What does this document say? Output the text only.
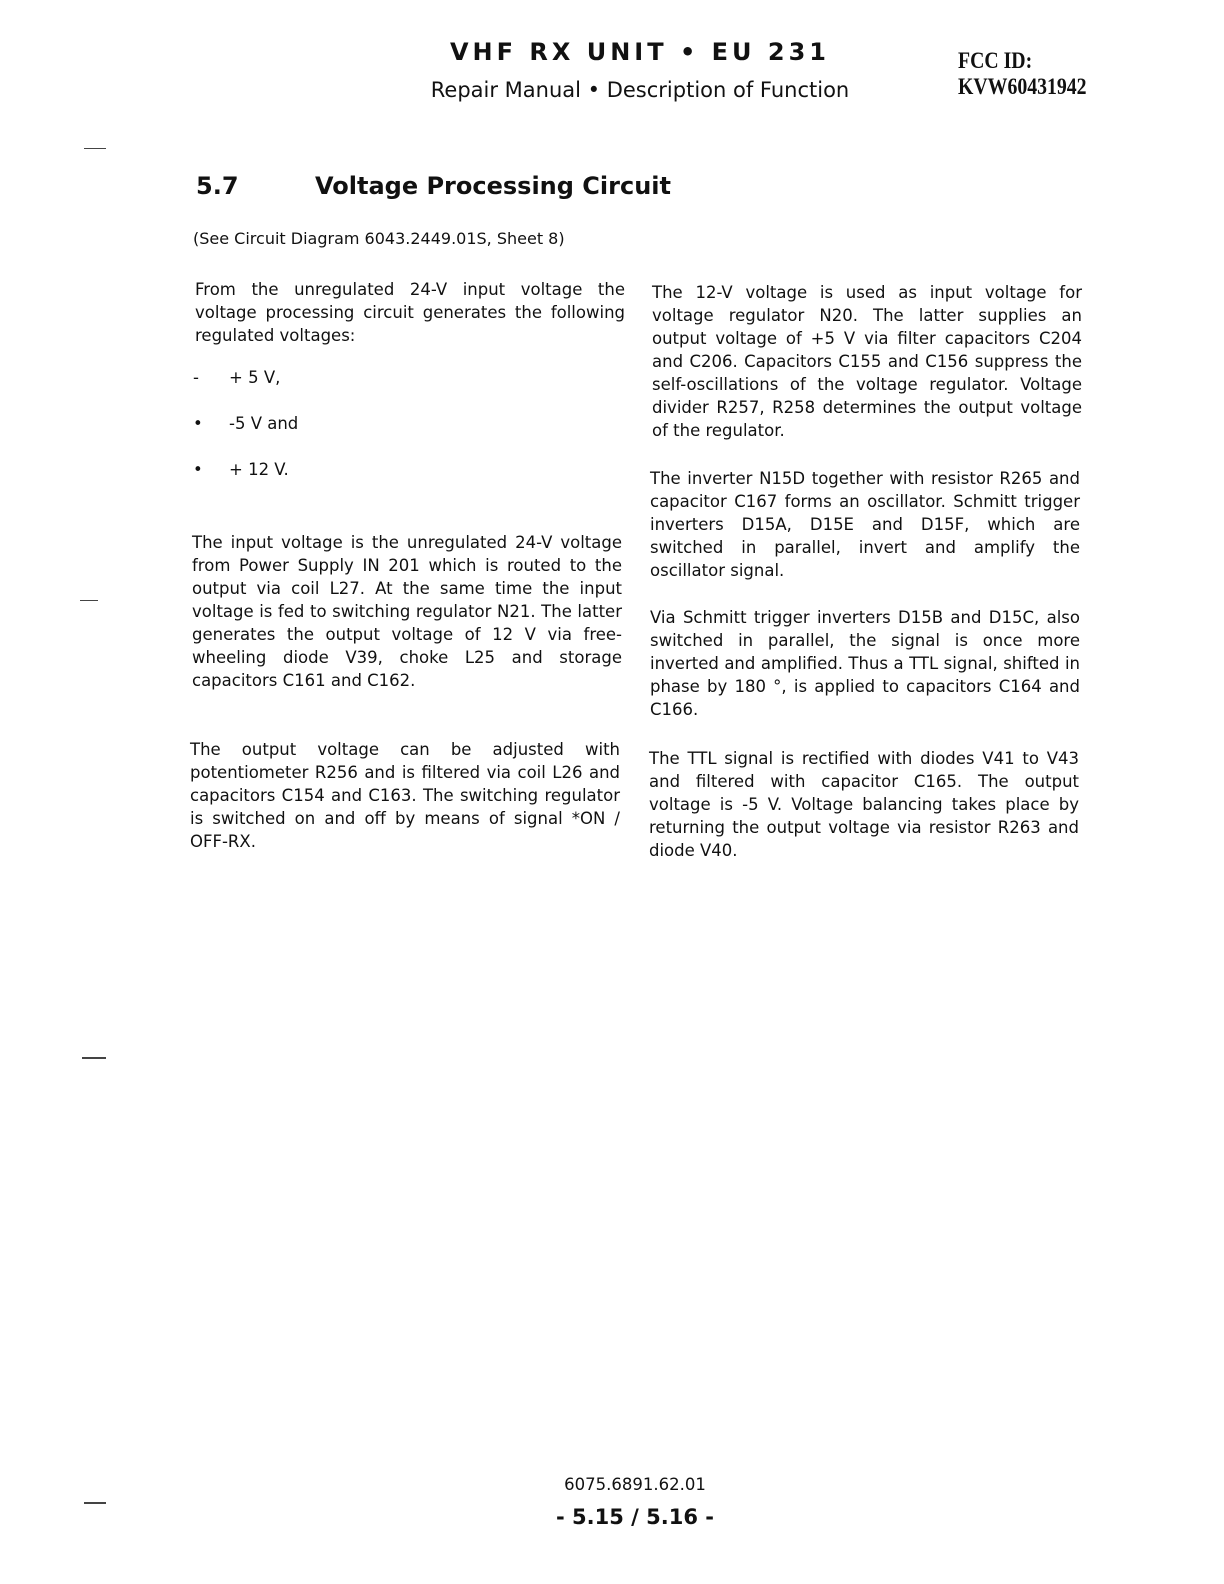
VHF RX UNIT • EU 231
Repair Manual • Description of Function
FCC ID: KVW60431942
5.7	Voltage Processing Circuit
(See Circuit Diagram 6043.2449.01S, Sheet 8)

From the unregulated 24-V input voltage the voltage processing circuit generates the following regulated voltages:

- + 5 V,
• -5 V and
• + 12 V.

The input voltage is the unregulated 24-V voltage from Power Supply IN 201 which is routed to the output via coil L27. At the same time the input voltage is fed to switching regulator N21. The latter generates the output voltage of 12 V via free-wheeling diode V39, choke L25 and storage capacitors C161 and C162.

The output voltage can be adjusted with potentiometer R256 and is filtered via coil L26 and capacitors C154 and C163. The switching regulator is switched on and off by means of signal *ON / OFF-RX.

The 12-V voltage is used as input voltage for voltage regulator N20. The latter supplies an output voltage of +5 V via filter capacitors C204 and C206. Capacitors C155 and C156 suppress the self-oscillations of the voltage regulator. Voltage divider R257, R258 determines the output voltage of the regulator.

The inverter N15D together with resistor R265 and capacitor C167 forms an oscillator. Schmitt trigger inverters D15A, D15E and D15F, which are switched in parallel, invert and amplify the oscillator signal.

Via Schmitt trigger inverters D15B and D15C, also switched in parallel, the signal is once more inverted and amplified. Thus a TTL signal, shifted in phase by 180 °, is applied to capacitors C164 and C166.

The TTL signal is rectified with diodes V41 to V43 and filtered with capacitor C165. The output voltage is -5 V. Voltage balancing takes place by returning the output voltage via resistor R263 and diode V40.

6075.6891.62.01
- 5.15 / 5.16 -
